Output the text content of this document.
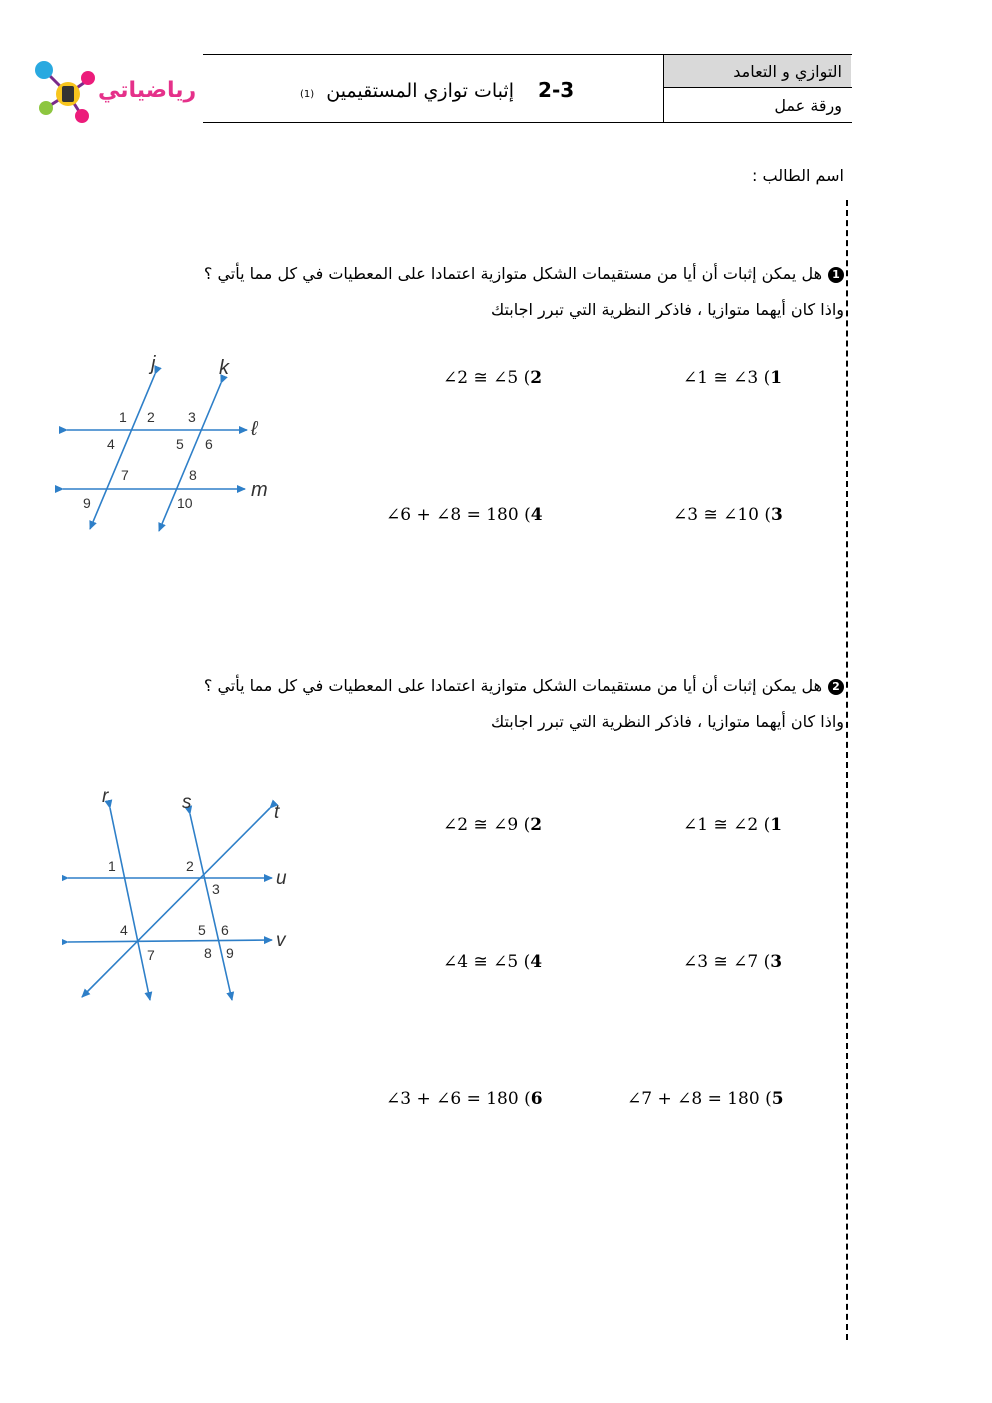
رياضياتي	2-3 إثبات توازي المستقيمين (1)
التوازي و التعامد
ورقة عمل
اسم الطالب :
1هل يمكن إثبات أن أيا من مستقيمات الشكل متوازية اعتمادا على المعطيات في كل مما يأتي ؟
واذا كان أيهما متوازيا ، فاذكر النظرية التي تبرر اجابتك
∠1 ≅ ∠3 (1
∠2 ≅ ∠5 (2
∠3 ≅ ∠10 (3
∠6 + ∠8 = 180 (4
j	k
ℓ
m
1 2 3
4	5 6
7	8
9	10
2هل يمكن إثبات أن أيا من مستقيمات الشكل متوازية اعتمادا على المعطيات في كل مما يأتي ؟
واذا كان أيهما متوازيا ، فاذكر النظرية التي تبرر اجابتك
∠1 ≅ ∠2 (1
∠2 ≅ ∠9 (2
∠3 ≅ ∠7 (3
∠4 ≅ ∠5 (4
∠7 + ∠8 = 180 (5
∠3 + ∠6 = 180 (6
r	s	t
u
v
1	2
3
4	5 6
7	8 9
